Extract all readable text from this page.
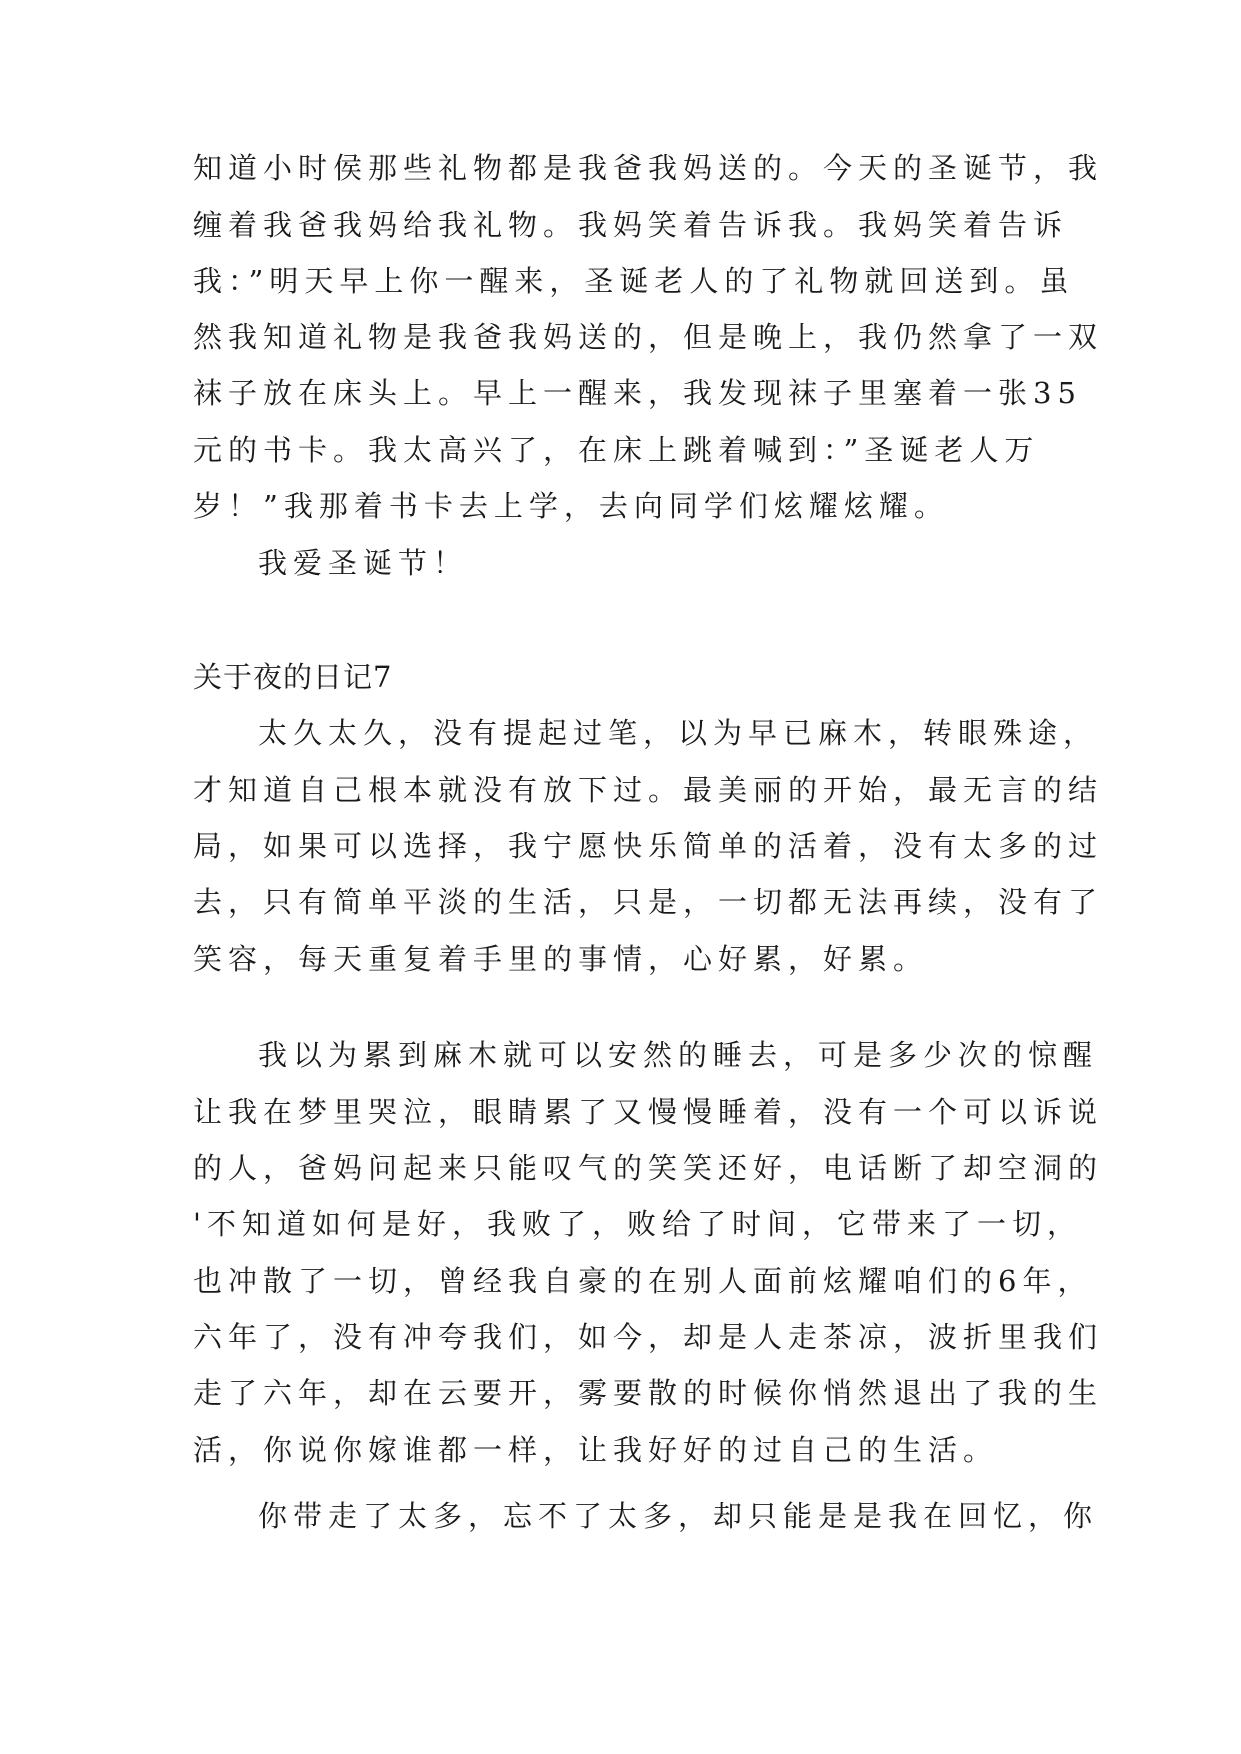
知道小时侯那些礼物都是我爸我妈送的。今天的圣诞节，我
缠着我爸我妈给我礼物。我妈笑着告诉我。我妈笑着告诉
我：”明天早上你一醒来，圣诞老人的了礼物就回送到。虽
然我知道礼物是我爸我妈送的，但是晚上，我仍然拿了一双
袜子放在床头上。早上一醒来，我发现袜子里塞着一张35
元的书卡。我太高兴了，在床上跳着喊到：”圣诞老人万
岁！”我那着书卡去上学，去向同学们炫耀炫耀。
我爱圣诞节！
关于夜的日记7
太久太久，没有提起过笔，以为早已麻木，转眼殊途，
才知道自己根本就没有放下过。最美丽的开始，最无言的结
局，如果可以选择，我宁愿快乐简单的活着，没有太多的过
去，只有简单平淡的生活，只是，一切都无法再续，没有了
笑容，每天重复着手里的事情，心好累，好累。
我以为累到麻木就可以安然的睡去，可是多少次的惊醒
让我在梦里哭泣，眼睛累了又慢慢睡着，没有一个可以诉说
的人，爸妈问起来只能叹气的笑笑还好，电话断了却空洞的
'不知道如何是好，我败了，败给了时间，它带来了一切，
也冲散了一切，曾经我自豪的在别人面前炫耀咱们的6年，
六年了，没有冲夸我们，如今，却是人走茶凉，波折里我们
走了六年，却在云要开，雾要散的时候你悄然退出了我的生
活，你说你嫁谁都一样，让我好好的过自己的生活。
你带走了太多，忘不了太多，却只能是是我在回忆，你
